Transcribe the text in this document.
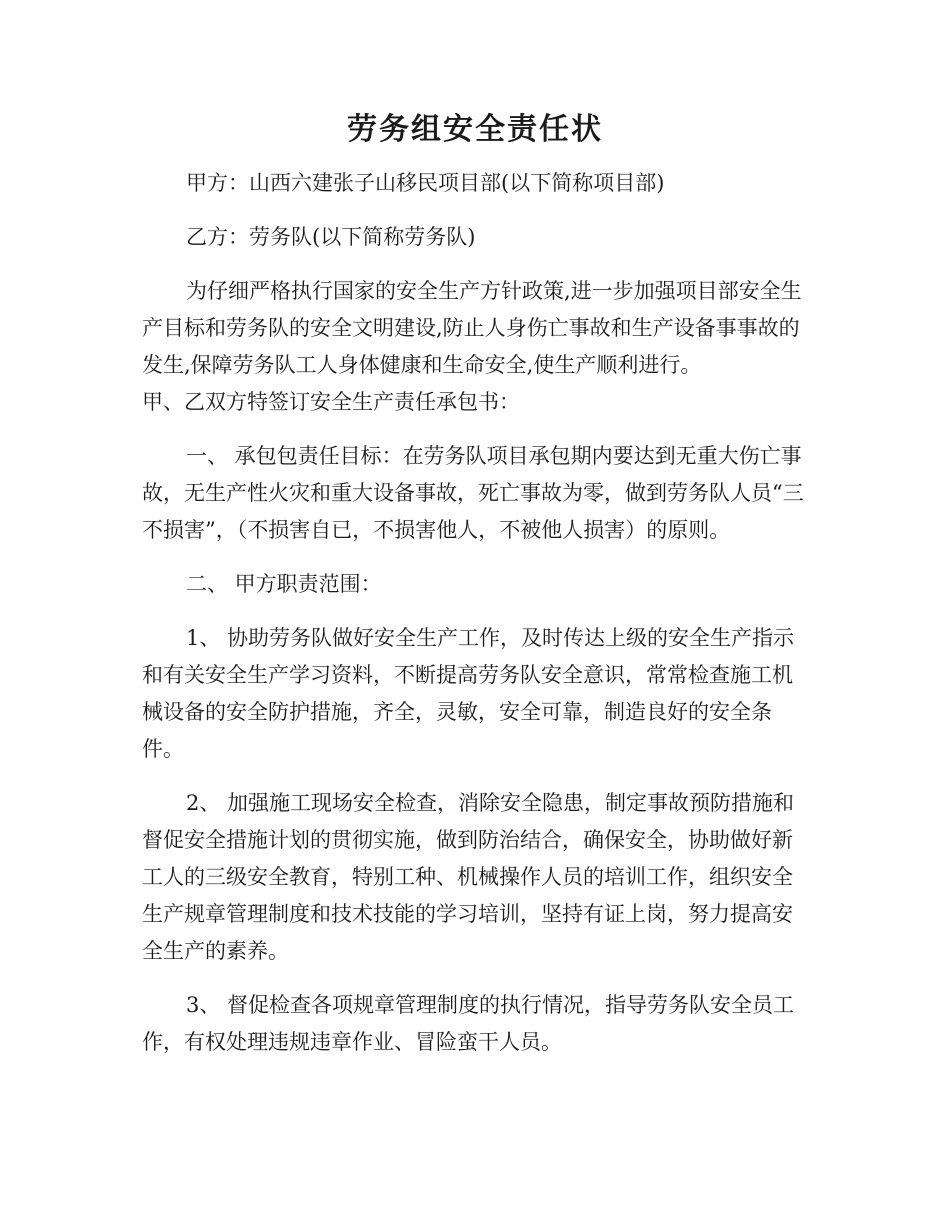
劳务组安全责任状

甲方：山西六建张子山移民项目部(以下简称项目部)

乙方：劳务队(以下简称劳务队)

为仔细严格执行国家的安全生产方针政策,进一步加强项目部安全生产目标和劳务队的安全文明建设,防止人身伤亡事故和生产设备事事故的发生,保障劳务队工人身体健康和生命安全,使生产顺利进行。

甲、乙双方特签订安全生产责任承包书：

一、 承包包责任目标：在劳务队项目承包期内要达到无重大伤亡事故，无生产性火灾和重大设备事故，死亡事故为零，做到劳务队人员“三不损害”，（不损害自已，不损害他人，不被他人损害）的原则。

二、 甲方职责范围：

1、 协助劳务队做好安全生产工作，及时传达上级的安全生产指示和有关安全生产学习资料，不断提高劳务队安全意识，常常检查施工机械设备的安全防护措施，齐全，灵敏，安全可靠，制造良好的安全条件。

2、 加强施工现场安全检查，消除安全隐患，制定事故预防措施和督促安全措施计划的贯彻实施，做到防治结合，确保安全，协助做好新工人的三级安全教育，特别工种、机械操作人员的培训工作，组织安全生产规章管理制度和技术技能的学习培训，坚持有证上岗，努力提高安全生产的素养。

3、 督促检查各项规章管理制度的执行情况，指导劳务队安全员工作，有权处理违规违章作业、冒险蛮干人员。
